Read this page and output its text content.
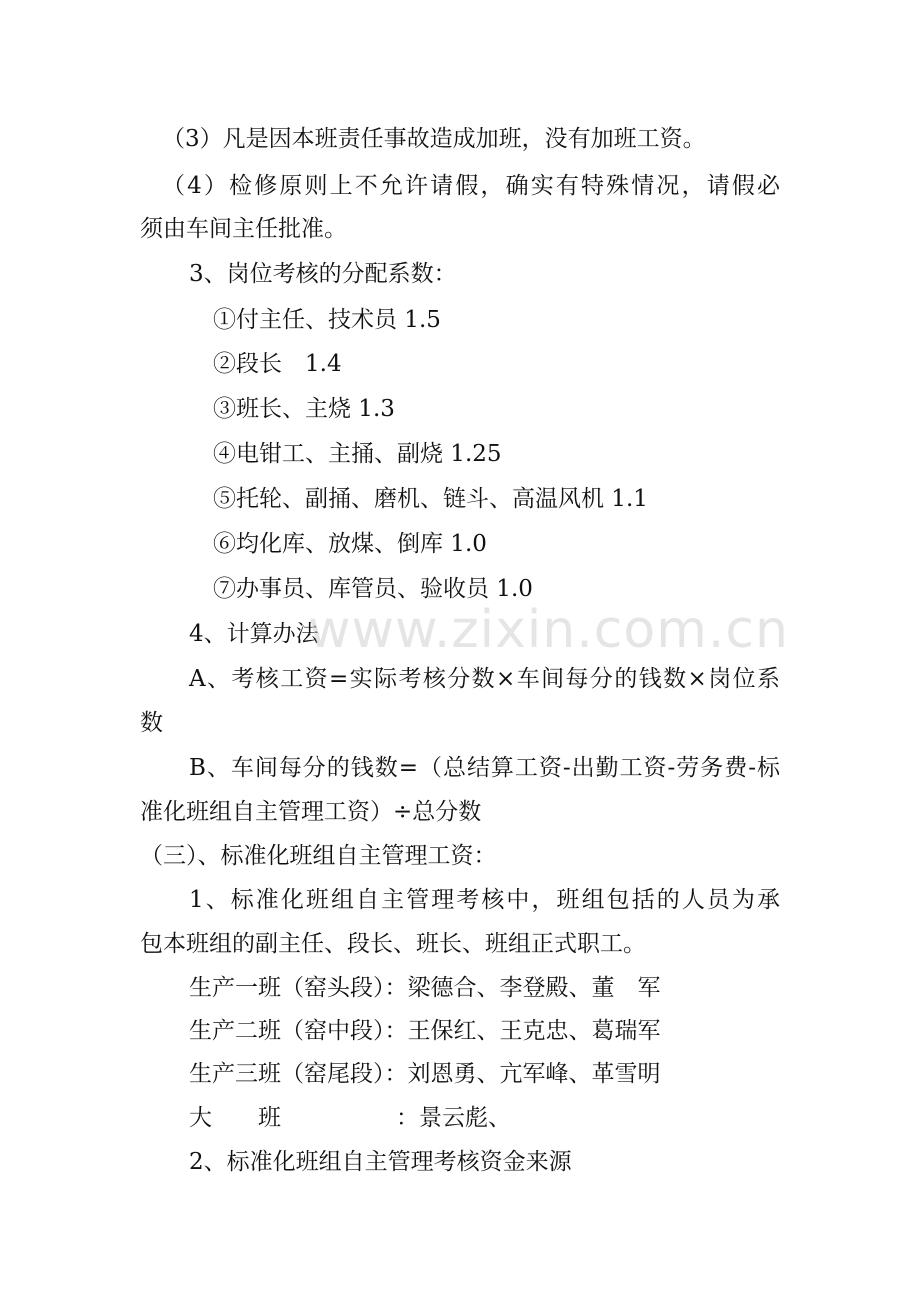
（3）凡是因本班责任事故造成加班，没有加班工资。
（4）检修原则上不允许请假，确实有特殊情况，请假必
须由车间主任批准。
3、岗位考核的分配系数：
①付主任、技术员 1.5
②段长　1.4
③班长、主烧 1.3
④电钳工、主捅、副烧 1.25
⑤托轮、副捅、磨机、链斗、高温风机 1.1
⑥均化库、放煤、倒库 1.0
⑦办事员、库管员、验收员 1.0
4、计算办法
A、考核工资=实际考核分数×车间每分的钱数×岗位系
数
B、车间每分的钱数=（总结算工资-出勤工资-劳务费-标
准化班组自主管理工资）÷总分数
（三）、标准化班组自主管理工资：
1、标准化班组自主管理考核中，班组包括的人员为承
包本班组的副主任、段长、班长、班组正式职工。
生产一班（窑头段）：梁德合、李登殿、董　军
生产二班（窑中段）：王保红、王克忠、葛瑞军
生产三班（窑尾段）：刘恩勇、亢军峰、革雪明
大　　班　　　　　：景云彪、
2、标准化班组自主管理考核资金来源
www.zixin.com.cn
